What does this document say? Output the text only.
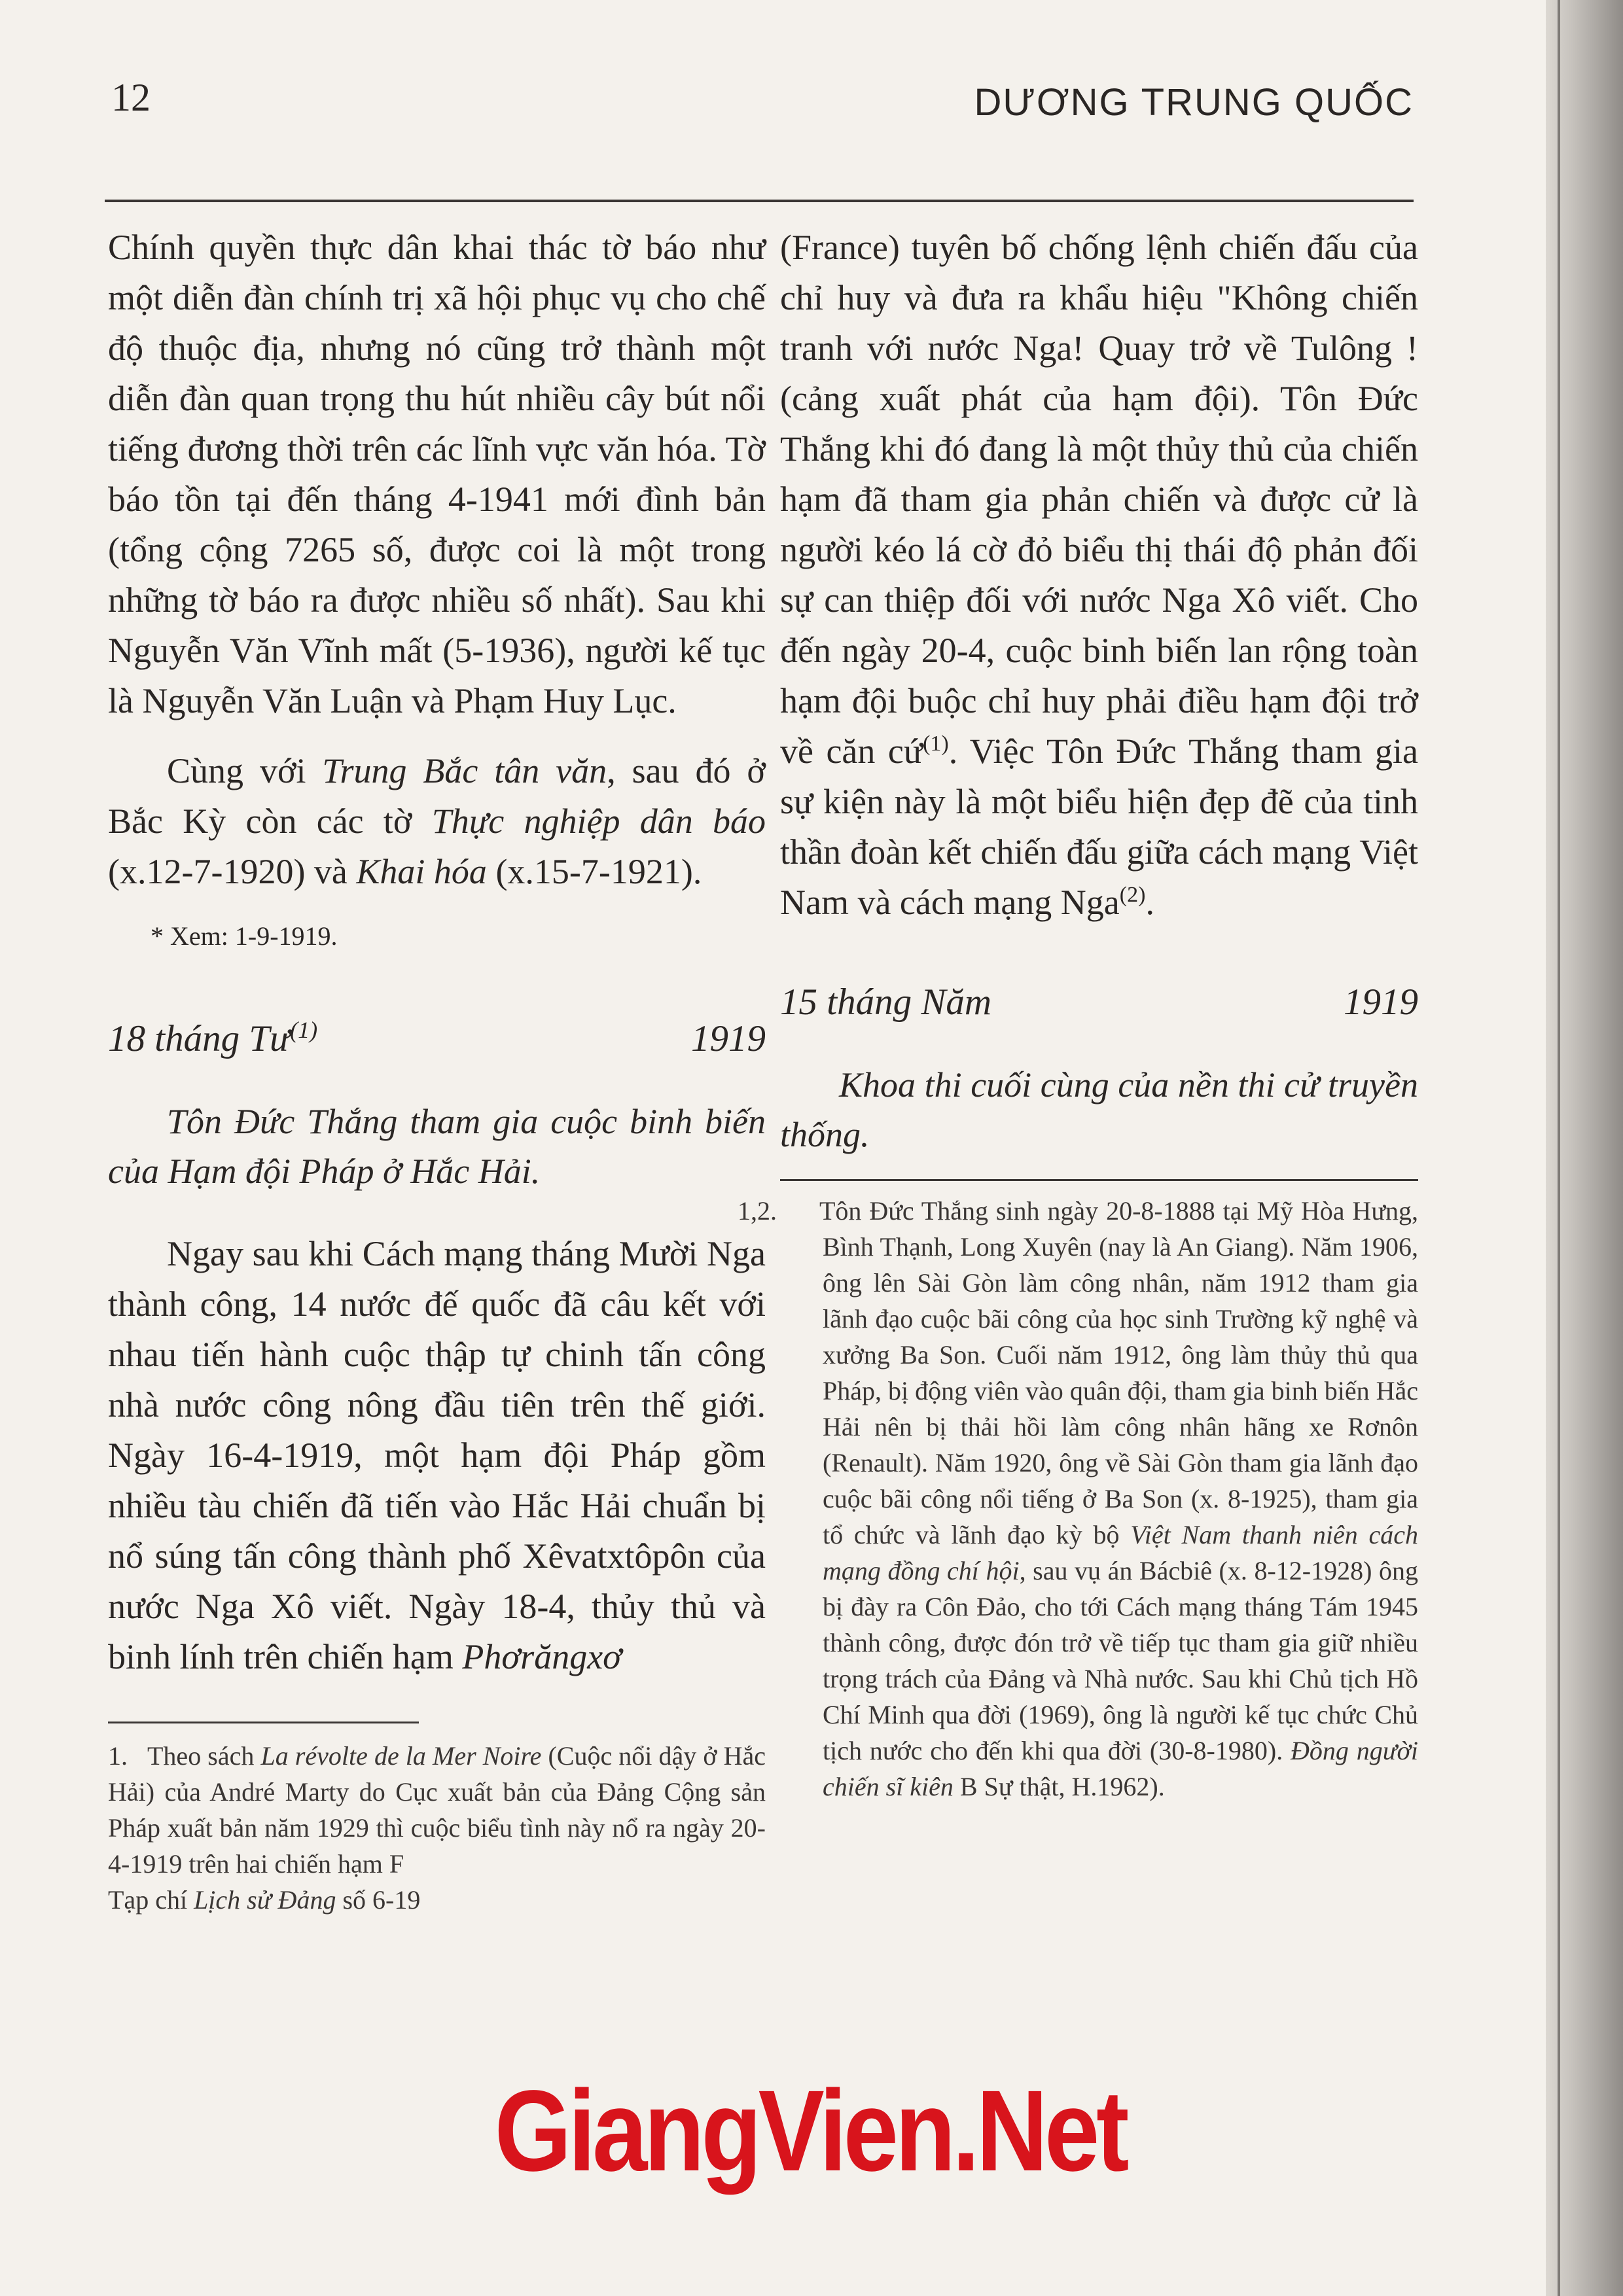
12	DƯƠNG TRUNG QUỐC

Chính quyền thực dân khai thác tờ báo như một diễn đàn chính trị xã hội phục vụ cho chế độ thuộc địa, nhưng nó cũng trở thành một diễn đàn quan trọng thu hút nhiều cây bút nổi tiếng đương thời trên các lĩnh vực văn hóa. Tờ báo tồn tại đến tháng 4-1941 mới đình bản (tổng cộng 7265 số, được coi là một trong những tờ báo ra được nhiều số nhất). Sau khi Nguyễn Văn Vĩnh mất (5-1936), người kế tục là Nguyễn Văn Luận và Phạm Huy Lục.

Cùng với Trung Bắc tân văn, sau đó ở Bắc Kỳ còn các tờ Thực nghiệp dân báo (x.12-7-1920) và Khai hóa (x.15-7-1921).

* Xem: 1-9-1919.

18 tháng $Tư^{(1)}$	1919

Tôn Đức Thắng tham gia cuộc binh biến của Hạm đội Pháp ở Hắc Hải.

Ngay sau khi Cách mạng tháng Mười Nga thành công, 14 nước đế quốc đã câu kết với nhau tiến hành cuộc thập tự chinh tấn công nhà nước công nông đầu tiên trên thế giới. Ngày 16-4-1919, một hạm đội Pháp gồm nhiều tàu chiến đã tiến vào Hắc Hải chuẩn bị nổ súng tấn công thành phố Xêvatxtôpôn của nước Nga Xô viết. Ngày 18-4, thủy thủ và binh lính trên chiến hạm Phơrăngxơ

1. Theo sách La révolte de la Mer Noire (Cuộc nổi dậy ở Hắc Hải) của André Marty do Cục xuất bản của Đảng Cộng sản Pháp xuất bản năm 1929 thì cuộc biểu tình này nổ ra ngày 20-4-1919 trên hai chiến hạm F
Tạp chí Lịch sử Đảng số 6-19

(France) tuyên bố chống lệnh chiến đấu của chỉ huy và đưa ra khẩu hiệu "Không chiến tranh với nước Nga! Quay trở về Tulông ! (cảng xuất phát của hạm đội). Tôn Đức Thắng khi đó đang là một thủy thủ của chiến hạm đã tham gia phản chiến và được cử là người kéo lá cờ đỏ biểu thị thái độ phản đối sự can thiệp đối với nước Nga Xô viết. Cho đến ngày 20-4, cuộc binh biến lan rộng toàn hạm đội buộc chỉ huy phải điều hạm đội trở về căn cứ$^{(1)}$. Việc Tôn Đức Thắng tham gia sự kiện này là một biểu hiện đẹp đẽ của tinh thần đoàn kết chiến đấu giữa cách mạng Việt Nam và cách mạng Nga$^{(2)}$.

15 tháng Năm	1919

Khoa thi cuối cùng của nền thi cử truyền thống.

1,2. Tôn Đức Thắng sinh ngày 20-8-1888 tại Mỹ Hòa Hưng, Bình Thạnh, Long Xuyên (nay là An Giang). Năm 1906, ông lên Sài Gòn làm công nhân, năm 1912 tham gia lãnh đạo cuộc bãi công của học sinh Trường kỹ nghệ và xưởng Ba Son. Cuối năm 1912, ông làm thủy thủ qua Pháp, bị động viên vào quân đội, tham gia binh biến Hắc Hải nên bị thải hồi làm công nhân hãng xe Rơnôn (Renault). Năm 1920, ông về Sài Gòn tham gia lãnh đạo cuộc bãi công nổi tiếng ở Ba Son (x. 8-1925), tham gia tổ chức và lãnh đạo kỳ bộ Việt Nam thanh niên cách mạng đồng chí hội, sau vụ án Bácbiê (x. 8-12-1928) ông bị đày ra Côn Đảo, cho tới Cách mạng tháng Tám 1945 thành công, được đón trở về tiếp tục tham gia giữ nhiều trọng trách của Đảng và Nhà nước. Sau khi Chủ tịch Hồ Chí Minh qua đời (1969), ông là người kế tục chức Chủ tịch nước cho đến khi qua đời (30-8-1980). Đồng người chiến sĩ kiên B Sự thật, H.1962).

GiangVien.Net
